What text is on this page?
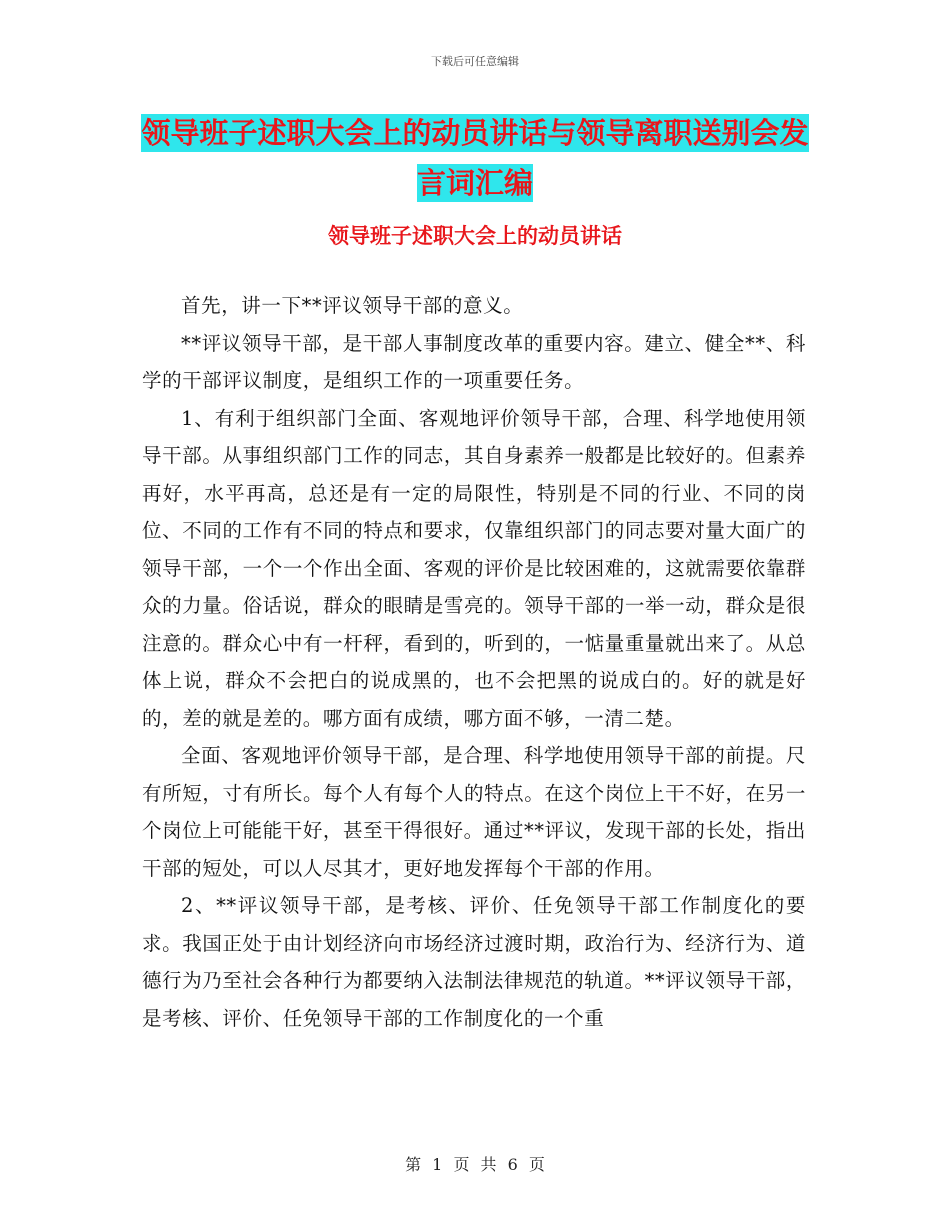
下载后可任意编辑
领导班子述职大会上的动员讲话与领导离职送别会发言词汇编
领导班子述职大会上的动员讲话

首先，讲一下**评议领导干部的意义。

**评议领导干部，是干部人事制度改革的重要内容。建立、健全**、科学的干部评议制度，是组织工作的一项重要任务。

1、有利于组织部门全面、客观地评价领导干部，合理、科学地使用领导干部。从事组织部门工作的同志，其自身素养一般都是比较好的。但素养再好，水平再高，总还是有一定的局限性，特别是不同的行业、不同的岗位、不同的工作有不同的特点和要求，仅靠组织部门的同志要对量大面广的领导干部，一个一个作出全面、客观的评价是比较困难的，这就需要依靠群众的力量。俗话说，群众的眼睛是雪亮的。领导干部的一举一动，群众是很注意的。群众心中有一杆秤，看到的，听到的，一惦量重量就出来了。从总体上说，群众不会把白的说成黑的，也不会把黑的说成白的。好的就是好的，差的就是差的。哪方面有成绩，哪方面不够，一清二楚。

全面、客观地评价领导干部，是合理、科学地使用领导干部的前提。尺有所短，寸有所长。每个人有每个人的特点。在这个岗位上干不好，在另一个岗位上可能能干好，甚至干得很好。通过**评议，发现干部的长处，指出干部的短处，可以人尽其才，更好地发挥每个干部的作用。

2、**评议领导干部，是考核、评价、任免领导干部工作制度化的要求。我国正处于由计划经济向市场经济过渡时期，政治行为、经济行为、道德行为乃至社会各种行为都要纳入法制法律规范的轨道。**评议领导干部，是考核、评价、任免领导干部的工作制度化的一个重

第 1 页 共 6 页
